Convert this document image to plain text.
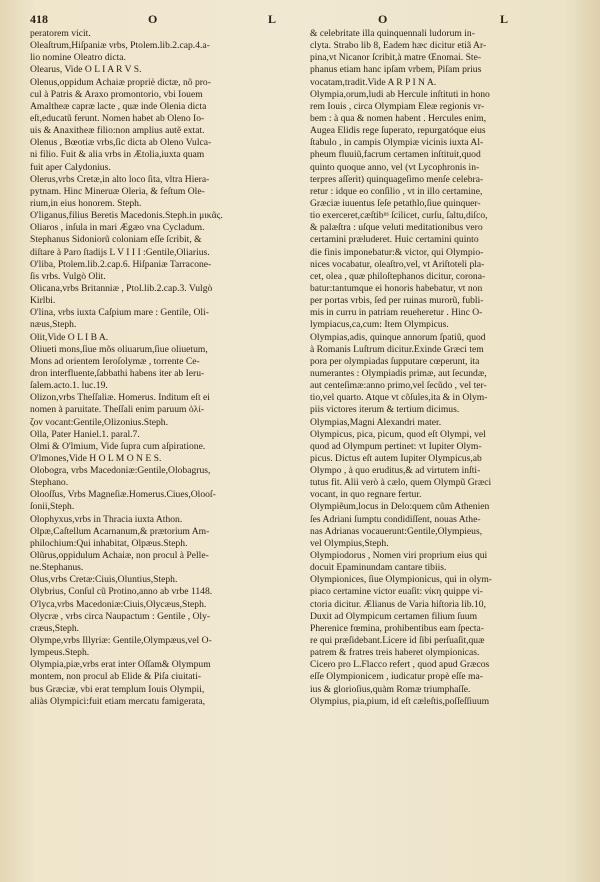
418	O	L	O	L
peratorem vicit.
Oleaſtrum,Hiſpaniæ vrbs, Ptolem.lib.2.cap.4.a-
lio nomine Oleatro dicta.
Olearus, Vide O L I A R V S.
Olenus,oppidum Achaiæ propriè dictæ, nõ pro-
cul à Patris & Araxo promontorio, vbi Iouem
Amaltheæ capræ lacte , quæ inde Olenia dicta
eſt,educatũ ferunt. Nomen habet ab Oleno Io-
uis & Anaxitheæ filio:non amplius autẽ extat.
Olenus , Bœotiæ vrbs,ſic dicta ab Oleno Vulca-
ni filio. Fuit & alia vrbs in Ætolia,iuxta quam
fuit aper Calydonius.
Olerus,vrbs Cretæ,in alto loco ſita, vltra Hiera-
pytnam. Hinc Mineruæ Oleria, & feſtum Ole-
rium,in eius honorem. Steph.
O'liganus,filius Beretis Macedonis.Steph.in μικᾶς.
Oliaros , inſula in mari Ægæo vna Cycladum.
Stephanus Sidoniorũ coloniam eſſe ſcribit, &
diſtare à Paro ſtadijs L V I I I :Gentile,Oliarius.
O'liba, Ptolem.lib.2.cap.6. Hiſpaniæ Tarracone-
ſis vrbs. Vulgò Olit.
Olicana,vrbs Britanniæ , Ptol.lib.2.cap.3. Vulgò
Kirlbi.
O'lina, vrbs iuxta Caſpium mare : Gentile, Oli-
næus,Steph.
Olit,Vide O L I B A.
Oliueti mons,ſiue mõs oliuarum,ſiue oliuetum,
Mons ad orientem Ieroſolymæ , torrente Ce-
dron interfluente,ſabbathi habens iter ab Ieru-
ſalem.acto.1. luc.19.
Olizon,vrbs Theſſaliæ. Homerus. Inditum eſt ei
nomen à paruitate. Theſſali enim paruum ὀλί-
ζον vocant:Gentile,Olizonius.Steph.
Olla, Pater Haniel.1. paral.7.
Olmi & O'lmium, Vide ſupra cum aſpiratione.
O'lmones,Vide H O L M O N E S.
Olobogra, vrbs Macedoniæ:Gentile,Olobagrus,
Stephano.
Olooſſus, Vrbs Magneſiæ.Homerus.Ciues,Olooſ-
ſonii,Steph.
Olophyxus,vrbs in Thracia iuxta Athon.
Olpæ,Caſtellum Acarnanum,& prætorium Am-
philochium:Qui inhabitat, Olpæus.Steph.
Olũrus,oppidulum Achaiæ, non procul à Pelle-
ne.Stephanus.
Olus,vrbs Cretæ:Ciuis,Oluntius,Steph.
Olybrius, Conſul cũ Protino,anno ab vrbe 1148.
O'lyca,vrbs Macedoniæ:Ciuis,Olycæus,Steph.
Olycræ , vrbs circa Naupactum : Gentile , Oly-
cræus,Steph.
Olympe,vrbs Illyriæ: Gentile,Olympæus,vel O-
lympeus.Steph.
Olympia,piæ,vrbs erat inter Oſſam& Olympum
montem, non procul ab Elide & Piſa ciuitati-
bus Græciæ, vbi erat templum Iouis Olympii,
aliàs Olympici:fuit etiam mercatu famigerata,
& celebritate illa quinquennali ludorum in-
clyta. Strabo lib 8, Eadem hæc dicitur etiã Ar-
pina,vt Nicanor ſcribit,à matre Œnomai. Ste-
phanus etiam hanc ipſam vrbem, Piſam prius
vocatam,tradit.Vide A R P I N A.
Olympia,orum,ludi ab Hercule inſtituti in hono
rem Iouis , circa Olympiam Eleæ regionis vr-
bem : à qua & nomen habent . Hercules enim,
Augea Elidis rege ſuperato, repurgatóque eius
ſtabulo , in campis Olympiæ vicinis iuxta Al-
pheum fluuiũ,facrum certamen inſtituit,quod
quinto quoque anno, vel (vt Lycophronis in-
terpres aſſerit) quinquageſimo menſe celebra-
retur : idque eo conſilio , vt in illo certamine,
Græciæ iuuentus ſeſe petathlo,ſiue quinquer-
tio exerceret,cæſtibᵘˢ ſcilicet, curſu, ſaltu,diſco,
& palæſtra : uſque veluti meditationibus vero
certamini præluderet. Huic certamini quinto
die finis imponebatur:& victor, qui Olympio-
nices vocabatur, oleaſtro,vel, vt Ariſtoteli pla-
cet, olea , quæ philoſtephanos dicitur, corona-
batur:tantumque ei honoris habebatur, vt non
per portas vrbis, ſed per ruinas murorũ, fubli-
mis in curru in patriam reueheretur . Hinc O-
lympiacus,ca,cum: Item Olympicus.
Olympias,adis, quinque annorum ſpatiũ, quod
à Romanis Luſtrum dicitur.Exinde Græci tem
pora per olympiadas ſupputare cœperunt, ita
numerantes : Olympiadis primæ, aut ſecundæ,
aut centeſimæ:anno primo,vel ſecũdo , vel ter-
tio,vel quarto. Atque vt cõſules,ita & in Olym-
piis victores iterum & tertium dicimus.
Olympias,Magni Alexandri mater.
Olympicus, pica, picum, quod eſt Olympi, vel
quod ad Olympum pertinet: vt Iupiter Olym-
picus. Dictus eſt autem Iupiter Olympicus,ab
Olympo , à quo eruditus,& ad virtutem inſti-
tutus fit. Alii verò à cælo, quem Olympũ Græci
vocant, in quo regnare fertur.
Olympiẽum,locus in Delo:quem cũm Athenien
ſes Adriani ſumptu condidiſſent, nouas Athe-
nas Adrianas vocauerunt:Gentile,Olympieus,
vel Olympius,Steph.
Olympiodorus , Nomen viri proprium eius qui
docuit Epaminundam cantare tibiis.
Olympionices, ſiue Olympionicus, qui in olym-
piaco certamine victor euaſit: νίκη quippe vi-
ctoria dicitur. Ælianus de Varia hiſtoria lib.10,
Duxit ad Olympicum certamen filium ſuum
Pherenice fœmina, prohibentibus eam ſpecta-
re qui præſidebant.Licere id ſibi perſuaſit,quæ
patrem & fratres treis haberet olympionicas.
Cicero pro L.Flacco refert , quod apud Græcos
eſſe Olympionicem , iudicatur propè eſſe ma-
ius & glorioſius,quàm Romæ triumphaſſe.
Olympius, pia,pium, id eſt cæleſtis,poſſeſſiuum
